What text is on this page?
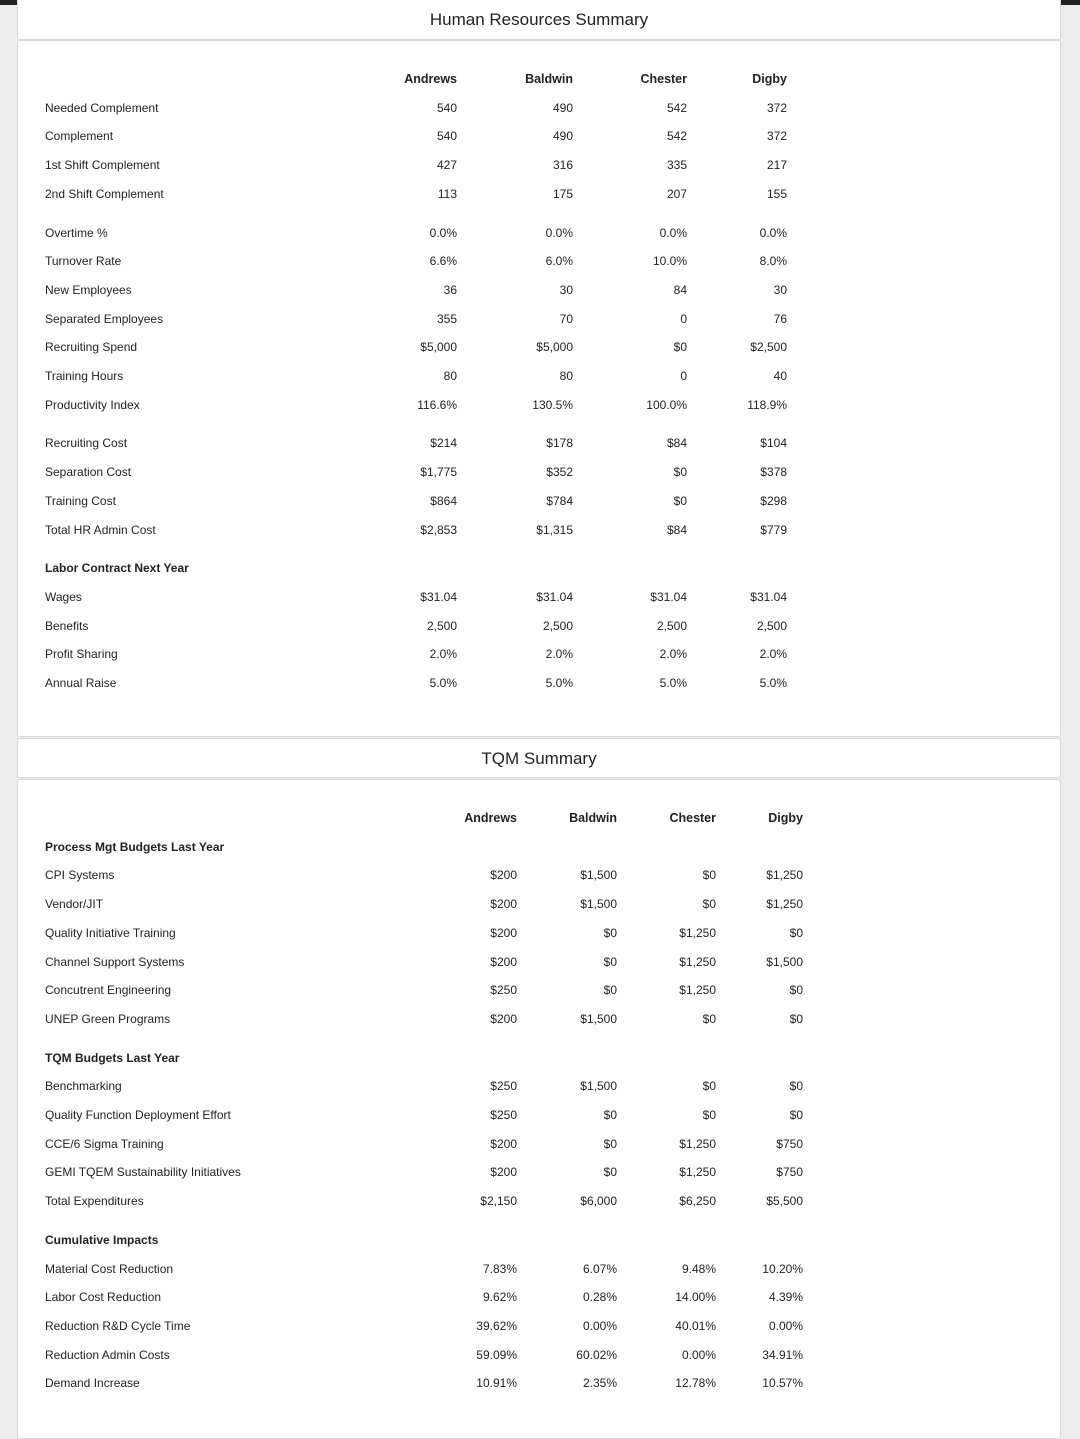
Human Resources Summary
	Andrews	Baldwin	Chester	Digby
Needed Complement	540	490	542	372
Complement	540	490	542	372
1st Shift Complement	427	316	335	217
2nd Shift Complement	113	175	207	155

Overtime %	0.0%	0.0%	0.0%	0.0%
Turnover Rate	6.6%	6.0%	10.0%	8.0%
New Employees	36	30	84	30
Separated Employees	355	70	0	76
Recruiting Spend	$5,000	$5,000	$0	$2,500
Training Hours	80	80	0	40
Productivity Index	116.6%	130.5%	100.0%	118.9%

Recruiting Cost	$214	$178	$84	$104
Separation Cost	$1,775	$352	$0	$378
Training Cost	$864	$784	$0	$298
Total HR Admin Cost	$2,853	$1,315	$84	$779

Labor Contract Next Year				
Wages	$31.04	$31.04	$31.04	$31.04
Benefits	2,500	2,500	2,500	2,500
Profit Sharing	2.0%	2.0%	2.0%	2.0%
Annual Raise	5.0%	5.0%	5.0%	5.0%
TQM Summary
	Andrews	Baldwin	Chester	Digby
Process Mgt Budgets Last Year				
CPI Systems	$200	$1,500	$0	$1,250
Vendor/JIT	$200	$1,500	$0	$1,250
Quality Initiative Training	$200	$0	$1,250	$0
Channel Support Systems	$200	$0	$1,250	$1,500
Concutrent Engineering	$250	$0	$1,250	$0
UNEP Green Programs	$200	$1,500	$0	$0

TQM Budgets Last Year				
Benchmarking	$250	$1,500	$0	$0
Quality Function Deployment Effort	$250	$0	$0	$0
CCE/6 Sigma Training	$200	$0	$1,250	$750
GEMI TQEM Sustainability Initiatives	$200	$0	$1,250	$750
Total Expenditures	$2,150	$6,000	$6,250	$5,500

Cumulative Impacts				
Material Cost Reduction	7.83%	6.07%	9.48%	10.20%
Labor Cost Reduction	9.62%	0.28%	14.00%	4.39%
Reduction R&D Cycle Time	39.62%	0.00%	40.01%	0.00%
Reduction Admin Costs	59.09%	60.02%	0.00%	34.91%
Demand Increase	10.91%	2.35%	12.78%	10.57%
